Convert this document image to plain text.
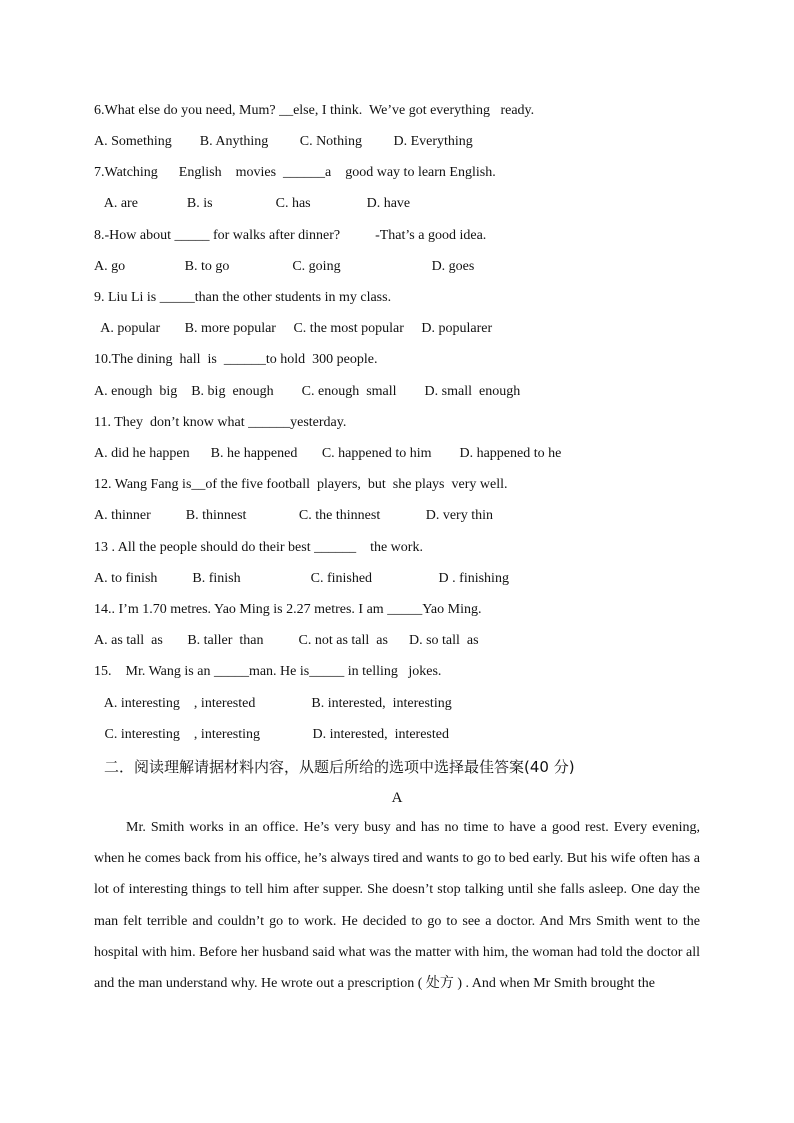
6.What else do you need, Mum? __else, I think.  We’ve got everything   ready.
A. Something        B. Anything         C. Nothing         D. Everything
7.Watching      English    movies  ______a    good way to learn English.
A. are              B. is                  C. has                D. have
8.-How about _____ for walks after dinner?          -That’s a good idea.
A. go                 B. to go                  C. going                          D. goes
9. Liu Li is _____than the other students in my class.
A. popular       B. more popular     C. the most popular     D. popularer
10.The dining  hall  is  ______to hold  300 people.
A. enough  big    B. big  enough        C. enough  small        D. small  enough
11. They  don’t know what ______yesterday.
A. did he happen      B. he happened       C. happened to him        D. happened to he
12. Wang Fang is__of the five football  players,  but  she plays  very well.
A. thinner          B. thinnest               C. the thinnest             D. very thin
13 . All the people should do their best ______    the work.
A. to finish          B. finish                    C. finished                   D . finishing
14.. I’m 1.70 metres. Yao Ming is 2.27 metres. I am _____Yao Ming.
A. as tall  as       B. taller  than          C. not as tall  as      D. so tall  as
15.    Mr. Wang is an _____man. He is_____ in telling   jokes.
A. interesting    , interested                B. interested,  interesting
C. interesting    , interesting               D. interested,  interested
二．阅读理解请据材料内容，从题后所给的选项中选择最佳答案(40 分)
A

Mr. Smith works in an office. He’s very busy and has no time to have a good rest. Every evening, when he comes back from his office, he’s always tired and wants to go to bed early. But his wife often has a lot of interesting things to tell him after supper. She doesn’t stop talking until she falls asleep. One day the man felt terrible and couldn’t go to work. He decided to go to see a doctor. And Mrs Smith went to the hospital with him. Before her husband said what was the matter with him, the woman had told the doctor all and the man understand why. He wrote out a prescription ( 处方 ) . And when Mr Smith brought the
